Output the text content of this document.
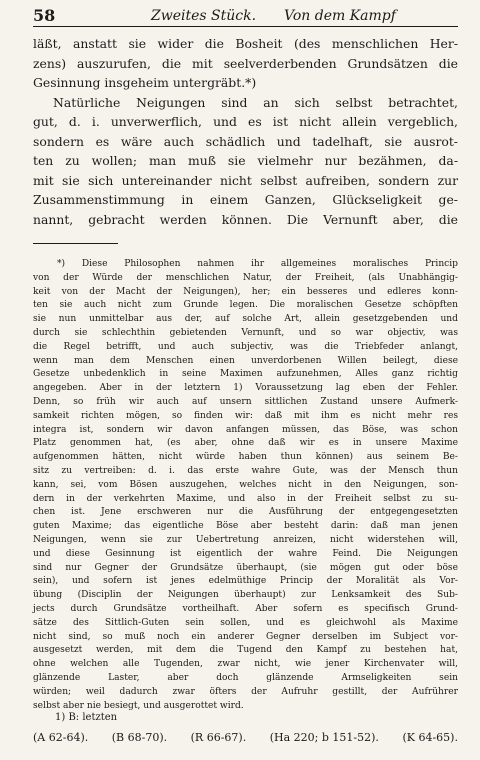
58	Zweites Stück. Von dem Kampf
läßt, anstatt sie wider die Bosheit (des menschlichen Her-
zens) auszurufen, die mit seelverderbenden Grundsätzen die
Gesinnung insgeheim untergräbt.*)
Natürliche Neigungen sind an sich selbst betrachtet,
gut, d. i. unverwerflich, und es ist nicht allein vergeblich,
sondern es wäre auch schädlich und tadelhaft, sie ausrot-
ten zu wollen; man muß sie vielmehr nur bezähmen, da-
mit sie sich untereinander nicht selbst aufreiben, sondern zur
Zusammenstimmung in einem Ganzen, Glückseligkeit ge-
nannt, gebracht werden können. Die Vernunft aber, die
*) Diese Philosophen nahmen ihr allgemeines moralisches Princip
von der Würde der menschlichen Natur, der Freiheit, (als Unabhängig-
keit von der Macht der Neigungen), her; ein besseres und edleres konn-
ten sie auch nicht zum Grunde legen. Die moralischen Gesetze schöpften
sie nun unmittelbar aus der, auf solche Art, allein gesetzgebenden und
durch sie schlechthin gebietenden Vernunft, und so war objectiv, was
die Regel betrifft, und auch subjectiv, was die Triebfeder anlangt,
wenn man dem Menschen einen unverdorbenen Willen beilegt, diese
Gesetze unbedenklich in seine Maximen aufzunehmen, Alles ganz richtig
angegeben. Aber in der letztern 1) Voraussetzung lag eben der Fehler.
Denn, so früh wir auch auf unsern sittlichen Zustand unsere Aufmerk-
samkeit richten mögen, so finden wir: daß mit ihm es nicht mehr res
integra ist, sondern wir davon anfangen müssen, das Böse, was schon
Platz genommen hat, (es aber, ohne daß wir es in unsere Maxime
aufgenommen hätten, nicht würde haben thun können) aus seinem Be-
sitz zu vertreiben: d. i. das erste wahre Gute, was der Mensch thun
kann, sei, vom Bösen auszugehen, welches nicht in den Neigungen, son-
dern in der verkehrten Maxime, und also in der Freiheit selbst zu su-
chen ist. Jene erschweren nur die Ausführung der entgegengesetzten
guten Maxime; das eigentliche Böse aber besteht darin: daß man jenen
Neigungen, wenn sie zur Uebertretung anreizen, nicht widerstehen will,
und diese Gesinnung ist eigentlich der wahre Feind. Die Neigungen
sind nur Gegner der Grundsätze überhaupt, (sie mögen gut oder böse
sein), und sofern ist jenes edelmüthige Princip der Moralität als Vor-
übung (Disciplin der Neigungen überhaupt) zur Lenksamkeit des Sub-
jects durch Grundsätze vortheilhaft. Aber sofern es specifisch Grund-
sätze des Sittlich-Guten sein sollen, und es gleichwohl als Maxime
nicht sind, so muß noch ein anderer Gegner derselben im Subject vor-
ausgesetzt werden, mit dem die Tugend den Kampf zu bestehen hat,
ohne welchen alle Tugenden, zwar nicht, wie jener Kirchenvater will,
glänzende Laster, aber doch glänzende Armseligkeiten sein
würden; weil dadurch zwar öfters der Aufruhr gestillt, der Aufrührer
selbst aber nie besiegt, und ausgerottet wird.
1) B: letzten
(A 62-64). (B 68-70). (R 66-67). (Ha 220; b 151-52). (K 64-65).
